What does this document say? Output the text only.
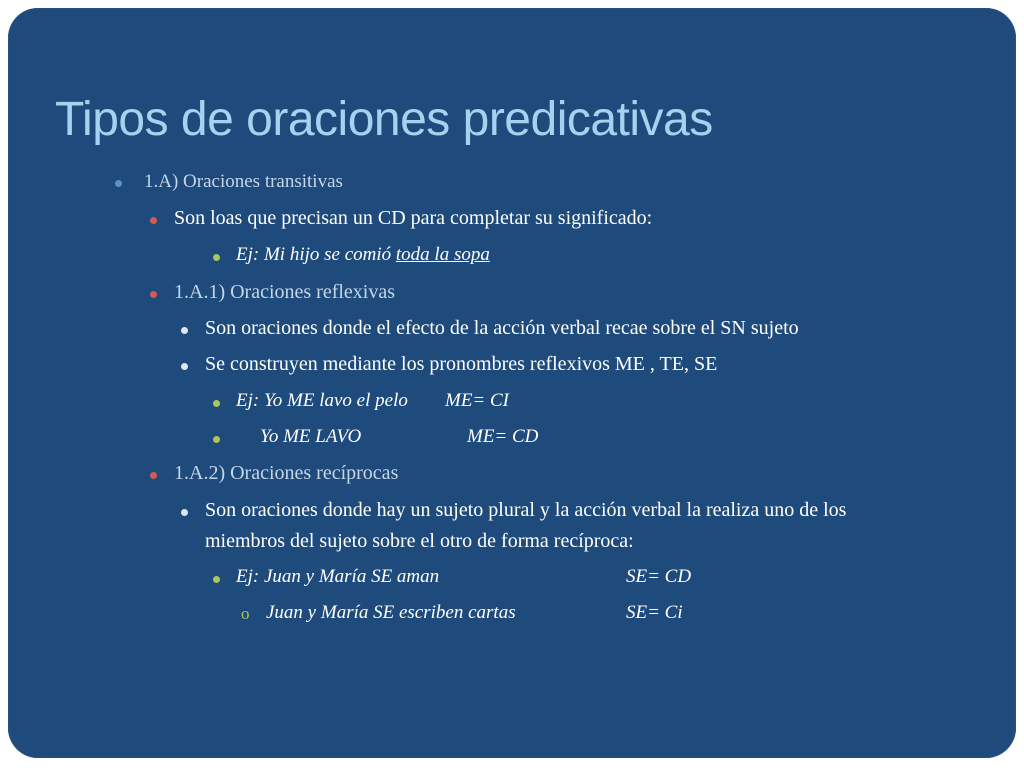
Tipos de oraciones predicativas
1.A) Oraciones transitivas
Son loas que precisan un CD para completar su significado:
Ej: Mi hijo se comió toda la sopa
1.A.1) Oraciones reflexivas
Son oraciones donde el efecto de la acción verbal recae sobre el SN sujeto
Se construyen mediante los pronombres reflexivos ME , TE, SE
Ej: Yo ME lavo el pelo ME= CI
Yo ME LAVO	ME= CD
1.A.2) Oraciones recíprocas
Son oraciones donde hay un sujeto plural y la acción verbal la realiza uno de los
miembros del sujeto sobre el otro de forma recíproca:
Ej: Juan y María SE aman	SE= CD
o Juan y María SE escriben cartas	SE= Ci
